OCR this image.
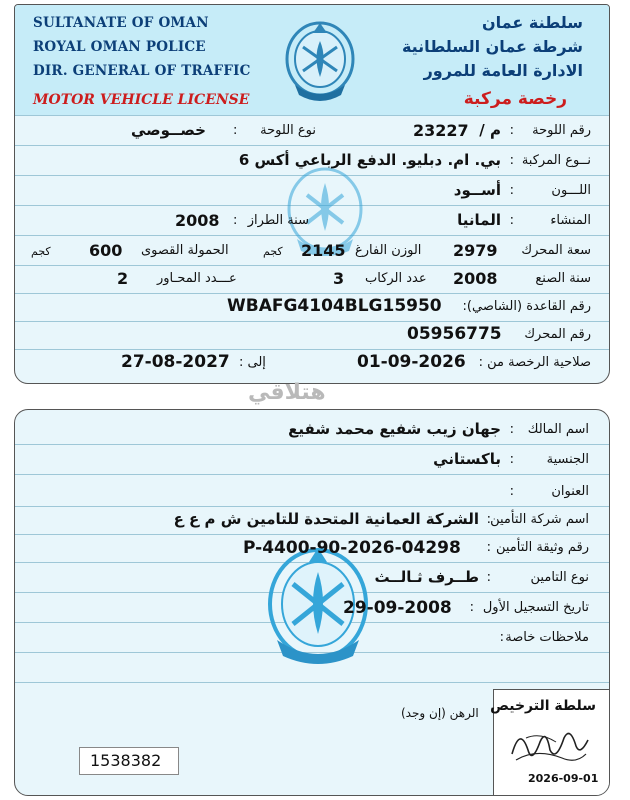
SULTANATE OF OMAN
ROYAL OMAN POLICE
DIR. GENERAL OF TRAFFIC
MOTOR VEHICLE LICENSE
سلطنة عمان
شرطة عمان السلطانية
الادارة العامة للمرور
رخصة مركبة
رقم اللوحة
:
م /
23227
نوع اللوحة
:
خصــوصي
نــوع المركبة
:
بي. ام. دبليو. الدفع الرباعي أكس 6
اللـــون
:
أســود
المنشاء
:
المانيا
سنة الطراز
:
2008
سعة المحرك
2979
الوزن الفارغ
2145
كجم
الحمولة القصوى
600
كجم
سنة الصنع
2008
عدد الركاب
3
عـــدد المحـاور
2
رقم القاعدة (الشاصي):
WBAFG4104BLG15950
رقم المحرك
05956775
صلاحية الرخصة من :
01-09-2026
إلى :
27-08-2027
هتلاقي
اسم المالك
:
جهان زيب شفيع محمد شفيع
الجنسية
:
باكستاني
العنوان
:
اسم شركة التأمين
:
الشركة العمانية المتحدة للتامين ش م ع ع
رقم وثيقة التأمين
:
P-4400-90-2026-04298
نوع التامين
:
طــرف ثـالــث
تاريخ التسجيل الأول
:
29-09-2008
ملاحظات خاصة
:
الرهن (إن وجد) سلطة الترخيص
2026-09-01
1538382
